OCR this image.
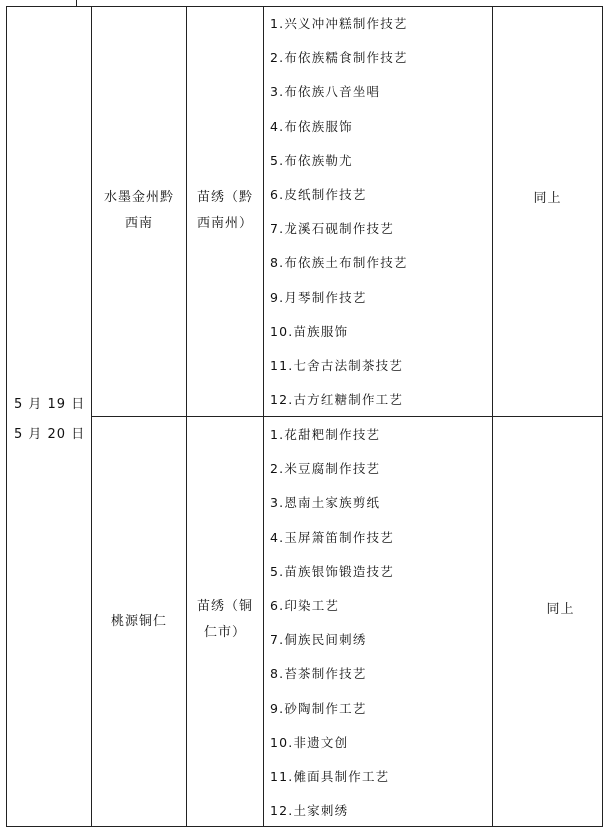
5 月 19 日
5 月 20 日
水墨金州黔
西南
苗绣（黔
西南州）
1.兴义冲冲糕制作技艺
2.布依族糯食制作技艺
3.布依族八音坐唱
4.布依族服饰
5.布依族勒尤
6.皮纸制作技艺
7.龙溪石砚制作技艺
8.布依族土布制作技艺
9.月琴制作技艺
10.苗族服饰
11.七舍古法制茶技艺
12.古方红糖制作工艺
同上
桃源铜仁
苗绣（铜
仁市）
1.花甜粑制作技艺
2.米豆腐制作技艺
3.恩南土家族剪纸
4.玉屏箫笛制作技艺
5.苗族银饰锻造技艺
6.印染工艺
7.侗族民间刺绣
8.苔茶制作技艺
9.砂陶制作工艺
10.非遗文创
11.傩面具制作工艺
12.土家刺绣
同上
